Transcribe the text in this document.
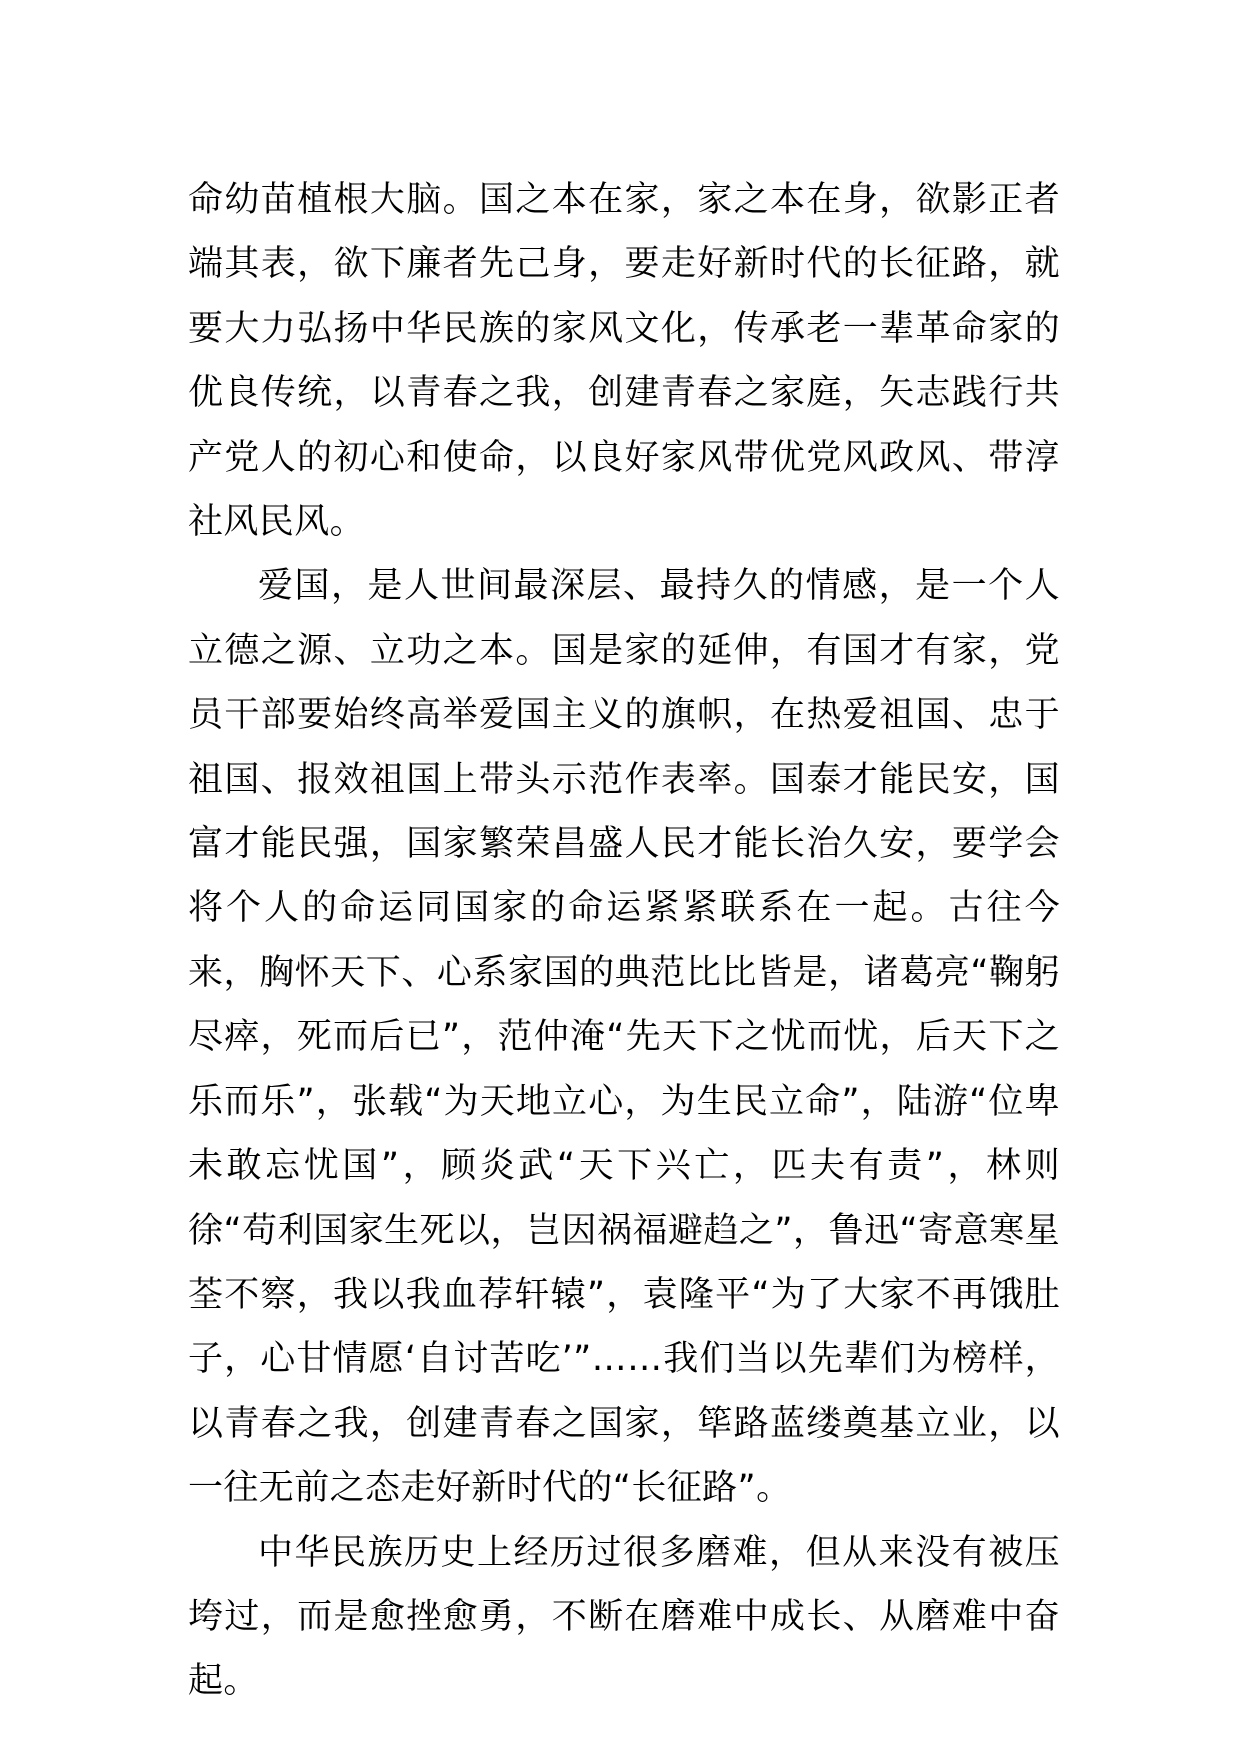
命幼苗植根大脑。国之本在家，家之本在身，欲影正者端其表，欲下廉者先己身，要走好新时代的长征路，就要大力弘扬中华民族的家风文化，传承老一辈革命家的优良传统，以青春之我，创建青春之家庭，矢志践行共产党人的初心和使命，以良好家风带优党风政风、带淳社风民风。

爱国，是人世间最深层、最持久的情感，是一个人立德之源、立功之本。国是家的延伸，有国才有家，党员干部要始终高举爱国主义的旗帜，在热爱祖国、忠于祖国、报效祖国上带头示范作表率。国泰才能民安，国富才能民强，国家繁荣昌盛人民才能长治久安，要学会将个人的命运同国家的命运紧紧联系在一起。古往今来，胸怀天下、心系家国的典范比比皆是，诸葛亮“鞠躬尽瘁，死而后已”，范仲淹“先天下之忧而忧，后天下之乐而乐”，张载“为天地立心，为生民立命”，陆游“位卑未敢忘忧国”，顾炎武“天下兴亡，匹夫有责”，林则徐“苟利国家生死以，岂因祸福避趋之”，鲁迅“寄意寒星荃不察，我以我血荐轩辕”，袁隆平“为了大家不再饿肚子，心甘情愿‘自讨苦吃’”……我们当以先辈们为榜样，以青春之我，创建青春之国家，筚路蓝缕奠基立业，以一往无前之态走好新时代的“长征路”。

中华民族历史上经历过很多磨难，但从来没有被压垮过，而是愈挫愈勇，不断在磨难中成长、从磨难中奋起。
